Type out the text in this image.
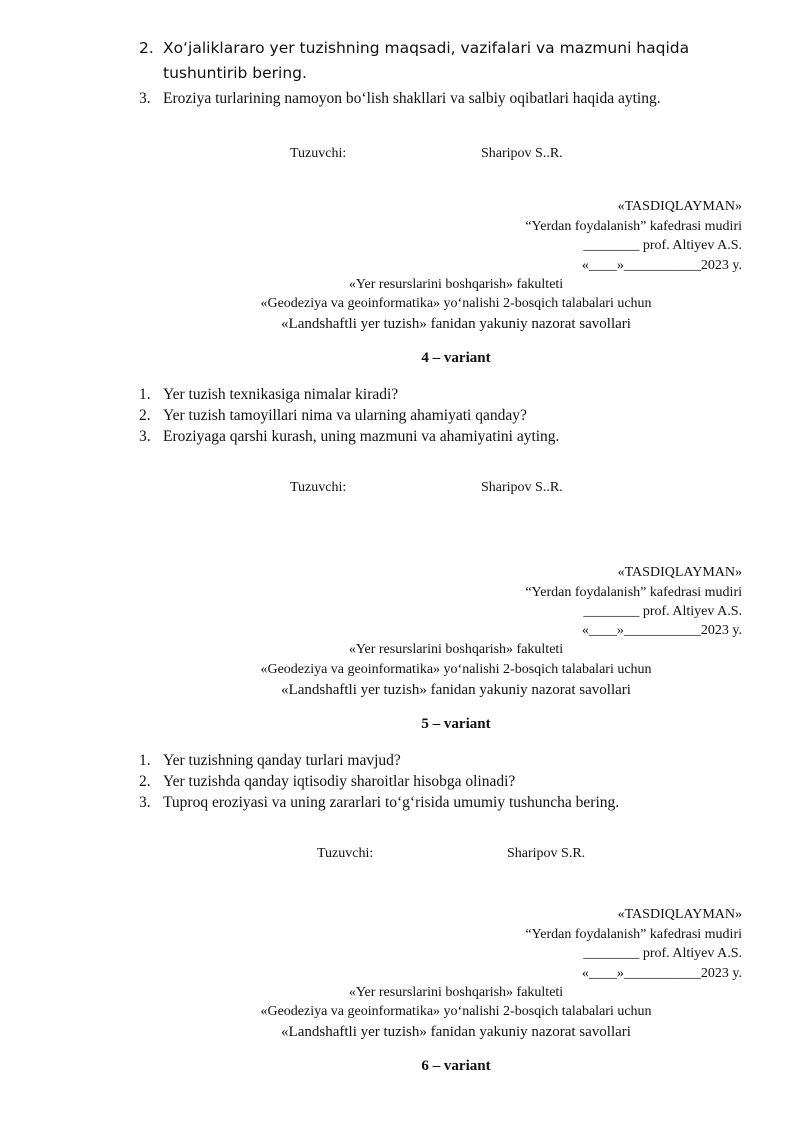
2. Xo‘jaliklararo yer tuzishning maqsadi, vazifalari va mazmuni haqida
tushuntirib bering.
3. Eroziya turlarining namoyon bo‘lish shakllari va salbiy oqibatlari haqida ayting.
Tuzuvchi:	Sharipov S..R.
«TASDIQLAYMAN»
“Yerdan foydalanish” kafedrasi mudiri
________ prof. Altiyev A.S.
«____»___________2023 y.
«Yer resurslarini boshqarish» fakulteti
«Geodeziya va geoinformatika» yo‘nalishi 2-bosqich talabalari uchun
«Landshaftli yer tuzish» fanidan yakuniy nazorat savollari
4 – variant
1. Yer tuzish texnikasiga nimalar kiradi?
2. Yer tuzish tamoyillari nima va ularning ahamiyati qanday?
3. Eroziyaga qarshi kurash, uning mazmuni va ahamiyatini ayting.
Tuzuvchi:	Sharipov S..R.
«TASDIQLAYMAN»
“Yerdan foydalanish” kafedrasi mudiri
________ prof. Altiyev A.S.
«____»___________2023 y.
«Yer resurslarini boshqarish» fakulteti
«Geodeziya va geoinformatika» yo‘nalishi 2-bosqich talabalari uchun
«Landshaftli yer tuzish» fanidan yakuniy nazorat savollari
5 – variant
1. Yer tuzishning qanday turlari mavjud?
2. Yer tuzishda qanday iqtisodiy sharoitlar hisobga olinadi?
3. Tuproq eroziyasi va uning zararlari to‘g‘risida umumiy tushuncha bering.
Tuzuvchi:	Sharipov S.R.
«TASDIQLAYMAN»
“Yerdan foydalanish” kafedrasi mudiri
________ prof. Altiyev A.S.
«____»___________2023 y.
«Yer resurslarini boshqarish» fakulteti
«Geodeziya va geoinformatika» yo‘nalishi 2-bosqich talabalari uchun
«Landshaftli yer tuzish» fanidan yakuniy nazorat savollari
6 – variant
